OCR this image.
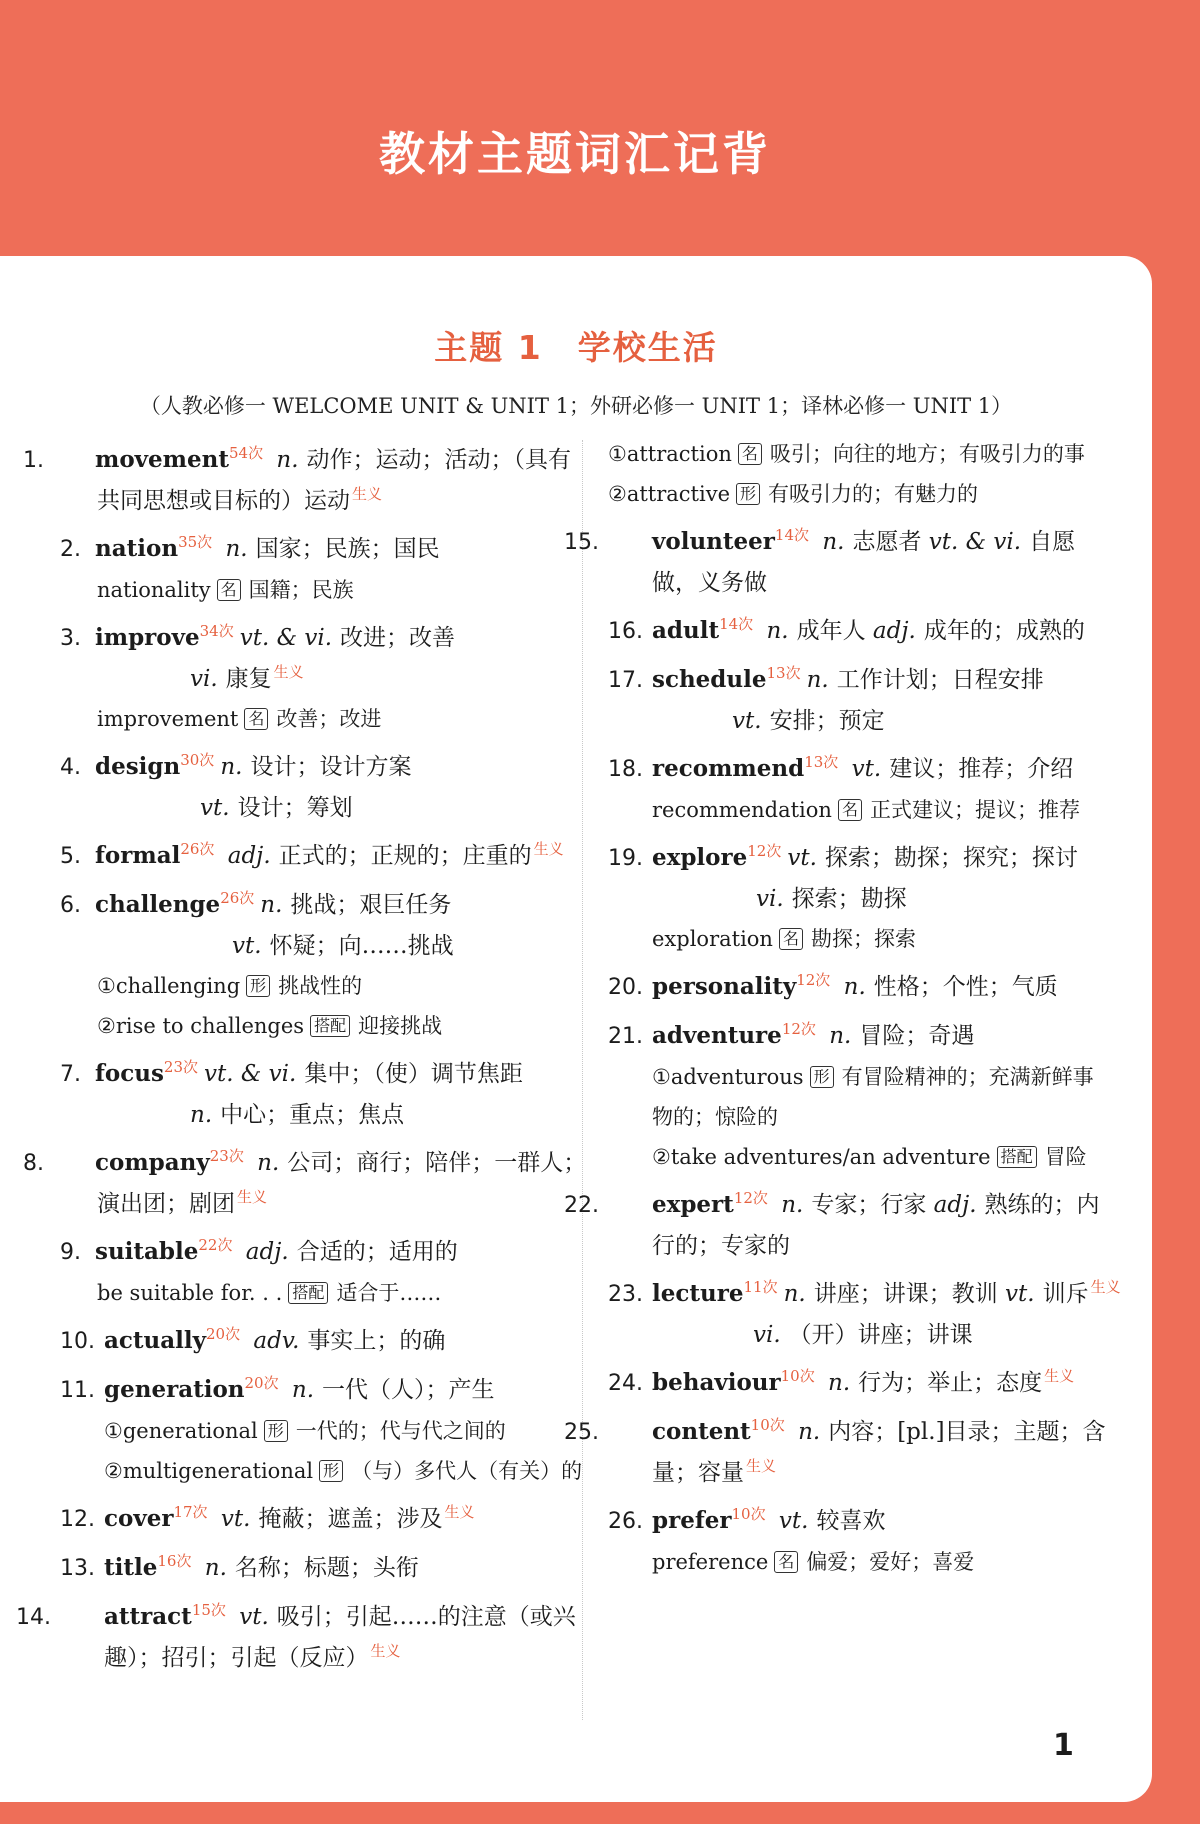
教材主题词汇记背
主题 1　学校生活
（人教必修一 WELCOME UNIT & UNIT 1；外研必修一 UNIT 1；译林必修一 UNIT 1）
1. movement$^{54次}$ n. 动作；运动；活动；（具有共同思想或目标的）运动 $^{生义}$
2. nation$^{35次}$ n. 国家；民族；国民
nationality 名 国籍；民族
3. improve$^{34次}$ vt. & vi. 改进；改善
vi. 康复 $^{生义}$
improvement 名 改善；改进
4. design$^{30次}$ n. 设计；设计方案
vt. 设计；筹划
5. formal$^{26次}$ adj. 正式的；正规的；庄重的 $^{生义}$
6. challenge$^{26次}$ n. 挑战；艰巨任务
vt. 怀疑；向……挑战
①challenging 形 挑战性的
②rise to challenges 搭配 迎接挑战
7. focus$^{23次}$ vt. & vi. 集中；（使）调节焦距
n. 中心；重点；焦点
8. company$^{23次}$ n. 公司；商行；陪伴；一群人；演出团；剧团 $^{生义}$
9. suitable$^{22次}$ adj. 合适的；适用的
be suitable for. . . 搭配 适合于……
10. actually$^{20次}$ adv. 事实上；的确
11. generation$^{20次}$ n. 一代（人）；产生
①generational 形 一代的；代与代之间的
②multigenerational 形 （与）多代人（有关）的
12. cover$^{17次}$ vt. 掩蔽；遮盖；涉及 $^{生义}$
13. title$^{16次}$ n. 名称；标题；头衔
14. attract$^{15次}$ vt. 吸引；引起……的注意（或兴趣）；招引；引起（反应） $^{生义}$
①attraction 名 吸引；向往的地方；有吸引力的事
②attractive 形 有吸引力的；有魅力的
15. volunteer$^{14次}$ n. 志愿者 vt. & vi. 自愿做，义务做
16. adult$^{14次}$ n. 成年人 adj. 成年的；成熟的
17. schedule$^{13次}$ n. 工作计划；日程安排
vt. 安排；预定
18. recommend$^{13次}$ vt. 建议；推荐；介绍
recommendation 名 正式建议；提议；推荐
19. explore$^{12次}$ vt. 探索；勘探；探究；探讨
vi. 探索；勘探
exploration 名 勘探；探索
20. personality$^{12次}$ n. 性格；个性；气质
21. adventure$^{12次}$ n. 冒险；奇遇
①adventurous 形 有冒险精神的；充满新鲜事物的；惊险的
②take adventures/an adventure 搭配 冒险
22. expert$^{12次}$ n. 专家；行家 adj. 熟练的；内行的；专家的
23. lecture$^{11次}$ n. 讲座；讲课；教训 vt. 训斥 $^{生义}$
vi. （开）讲座；讲课
24. behaviour$^{10次}$ n. 行为；举止；态度 $^{生义}$
25. content$^{10次}$ n. 内容；[pl.]目录；主题；含量；容量 $^{生义}$
26. prefer$^{10次}$ vt. 较喜欢
preference 名 偏爱；爱好；喜爱
1
